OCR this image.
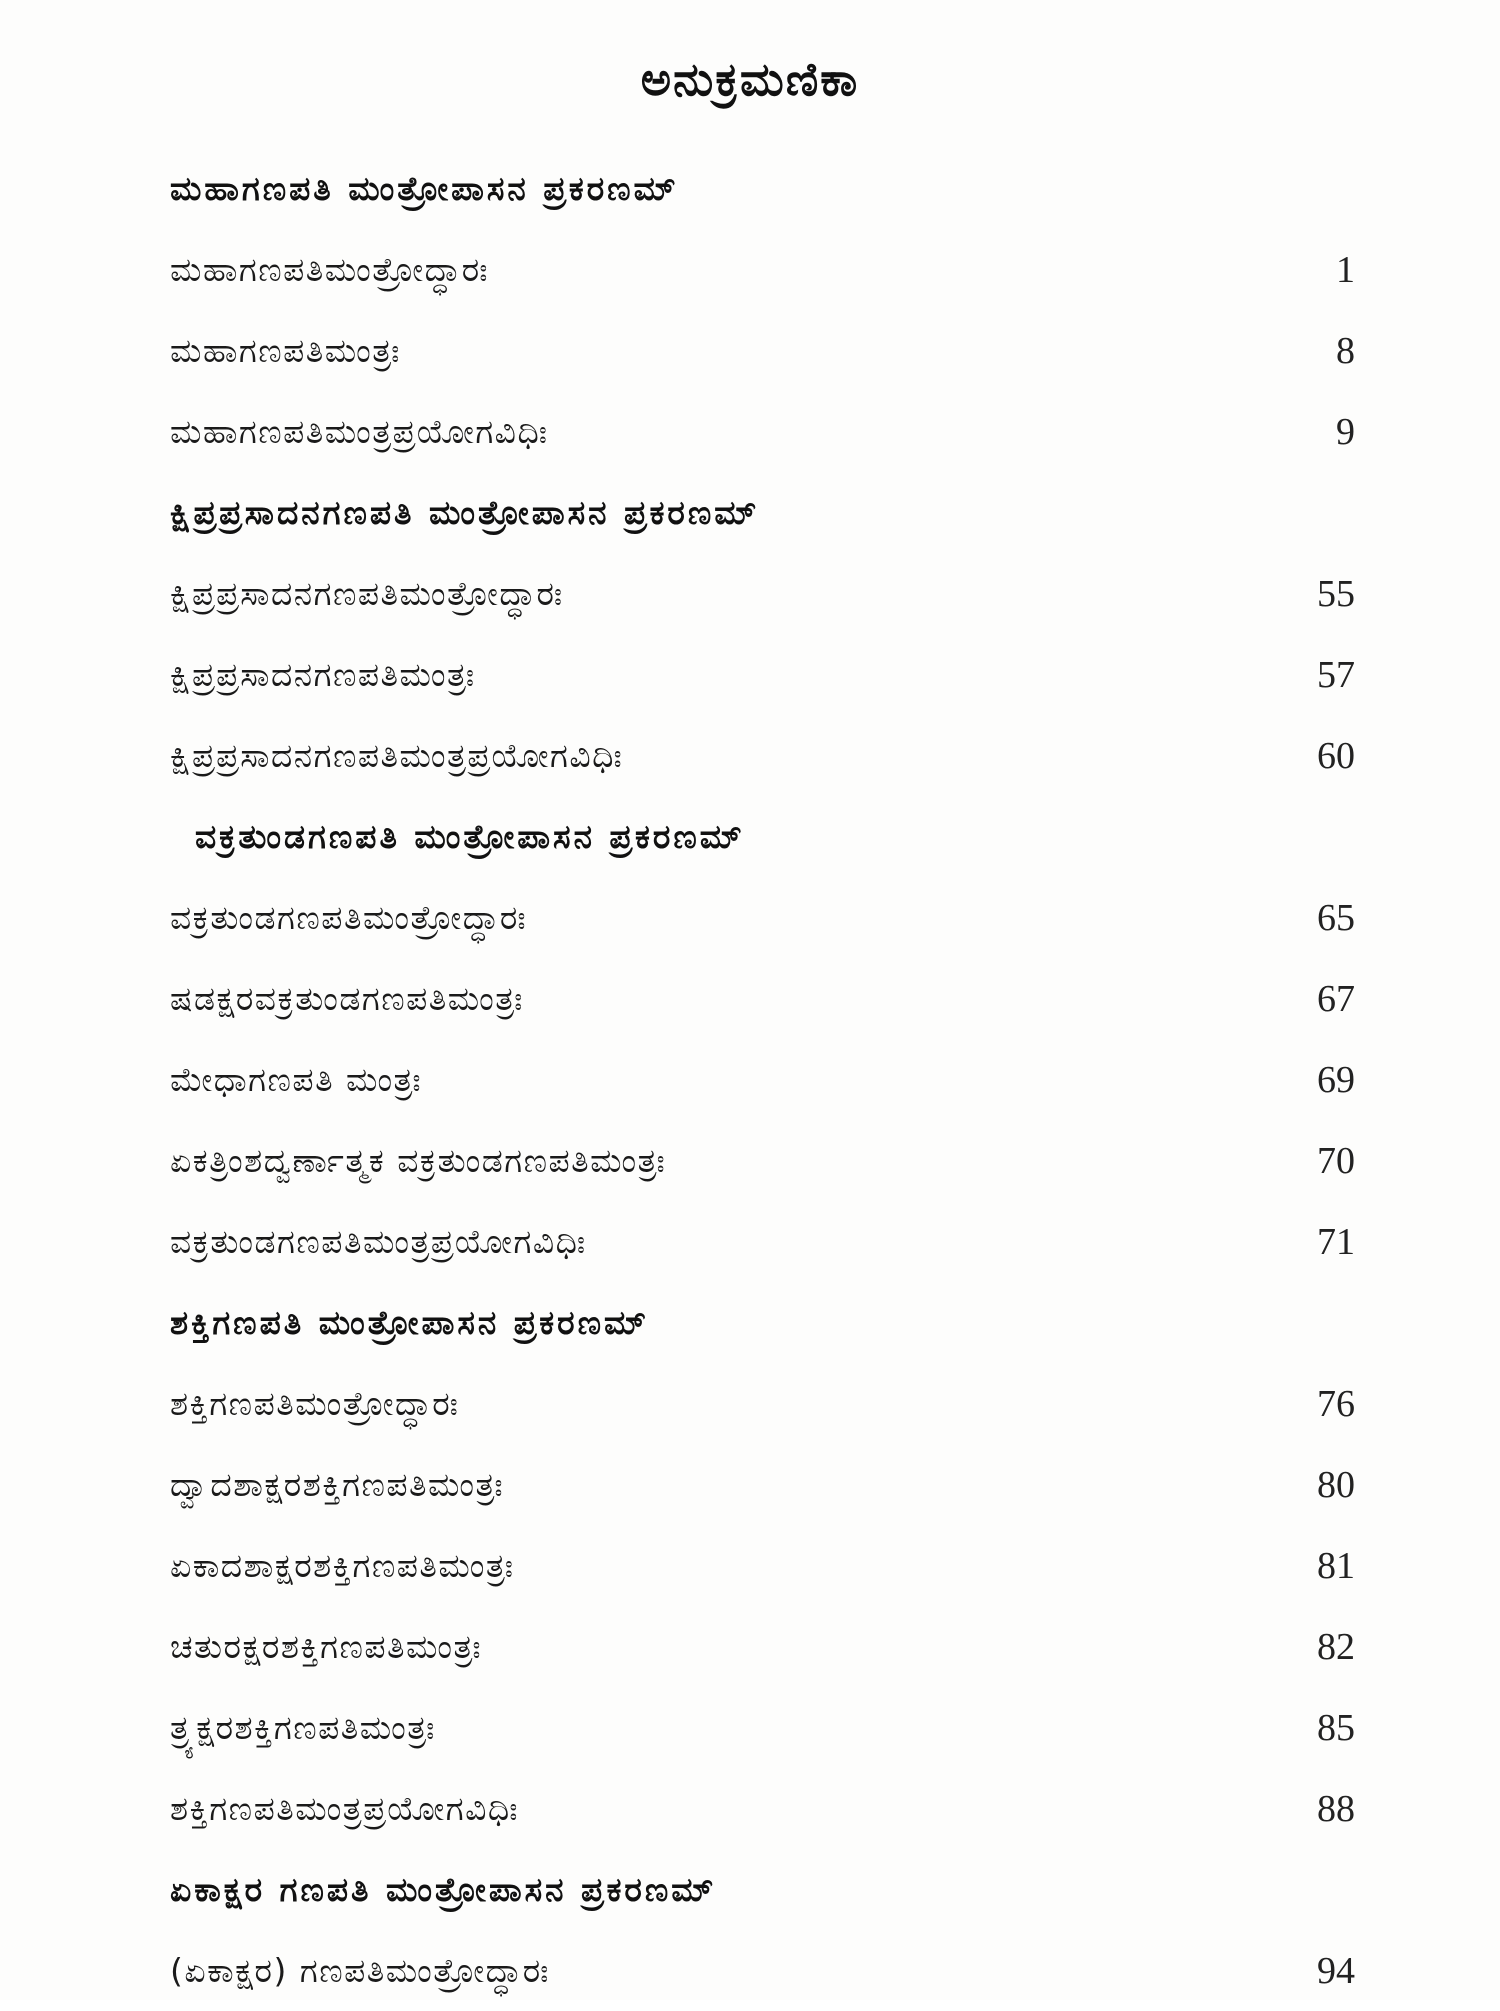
ಅನುಕ್ರಮಣಿಕಾ
ಮಹಾಗಣಪತಿ ಮಂತ್ರೋಪಾಸನ ಪ್ರಕರಣಮ್
ಮಹಾಗಣಪತಿಮಂತ್ರೋದ್ಧಾರಃ	1
ಮಹಾಗಣಪತಿಮಂತ್ರಃ	8
ಮಹಾಗಣಪತಿಮಂತ್ರಪ್ರಯೋಗವಿಧಿಃ	9
ಕ್ಷಿಪ್ರಪ್ರಸಾದನಗಣಪತಿ ಮಂತ್ರೋಪಾಸನ ಪ್ರಕರಣಮ್
ಕ್ಷಿಪ್ರಪ್ರಸಾದನಗಣಪತಿಮಂತ್ರೋದ್ಧಾರಃ	55
ಕ್ಷಿಪ್ರಪ್ರಸಾದನಗಣಪತಿಮಂತ್ರಃ	57
ಕ್ಷಿಪ್ರಪ್ರಸಾದನಗಣಪತಿಮಂತ್ರಪ್ರಯೋಗವಿಧಿಃ	60
ವಕ್ರತುಂಡಗಣಪತಿ ಮಂತ್ರೋಪಾಸನ ಪ್ರಕರಣಮ್
ವಕ್ರತುಂಡಗಣಪತಿಮಂತ್ರೋದ್ಧಾರಃ	65
ಷಡಕ್ಷರವಕ್ರತುಂಡಗಣಪತಿಮಂತ್ರಃ	67
ಮೇಧಾಗಣಪತಿ ಮಂತ್ರಃ	69
ಏಕತ್ರಿಂಶದ್ವರ್ಣಾತ್ಮಕ ವಕ್ರತುಂಡಗಣಪತಿಮಂತ್ರಃ	70
ವಕ್ರತುಂಡಗಣಪತಿಮಂತ್ರಪ್ರಯೋಗವಿಧಿಃ	71
ಶಕ್ತಿಗಣಪತಿ ಮಂತ್ರೋಪಾಸನ ಪ್ರಕರಣಮ್
ಶಕ್ತಿಗಣಪತಿಮಂತ್ರೋದ್ಧಾರಃ	76
ದ್ವಾದಶಾಕ್ಷರಶಕ್ತಿಗಣಪತಿಮಂತ್ರಃ	80
ಏಕಾದಶಾಕ್ಷರಶಕ್ತಿಗಣಪತಿಮಂತ್ರಃ	81
ಚತುರಕ್ಷರಶಕ್ತಿಗಣಪತಿಮಂತ್ರಃ	82
ತ್ರ್ಯಕ್ಷರಶಕ್ತಿಗಣಪತಿಮಂತ್ರಃ	85
ಶಕ್ತಿಗಣಪತಿಮಂತ್ರಪ್ರಯೋಗವಿಧಿಃ	88
ಏಕಾಕ್ಷರ ಗಣಪತಿ ಮಂತ್ರೋಪಾಸನ ಪ್ರಕರಣಮ್
(ಏಕಾಕ್ಷರ) ಗಣಪತಿಮಂತ್ರೋದ್ಧಾರಃ	94
